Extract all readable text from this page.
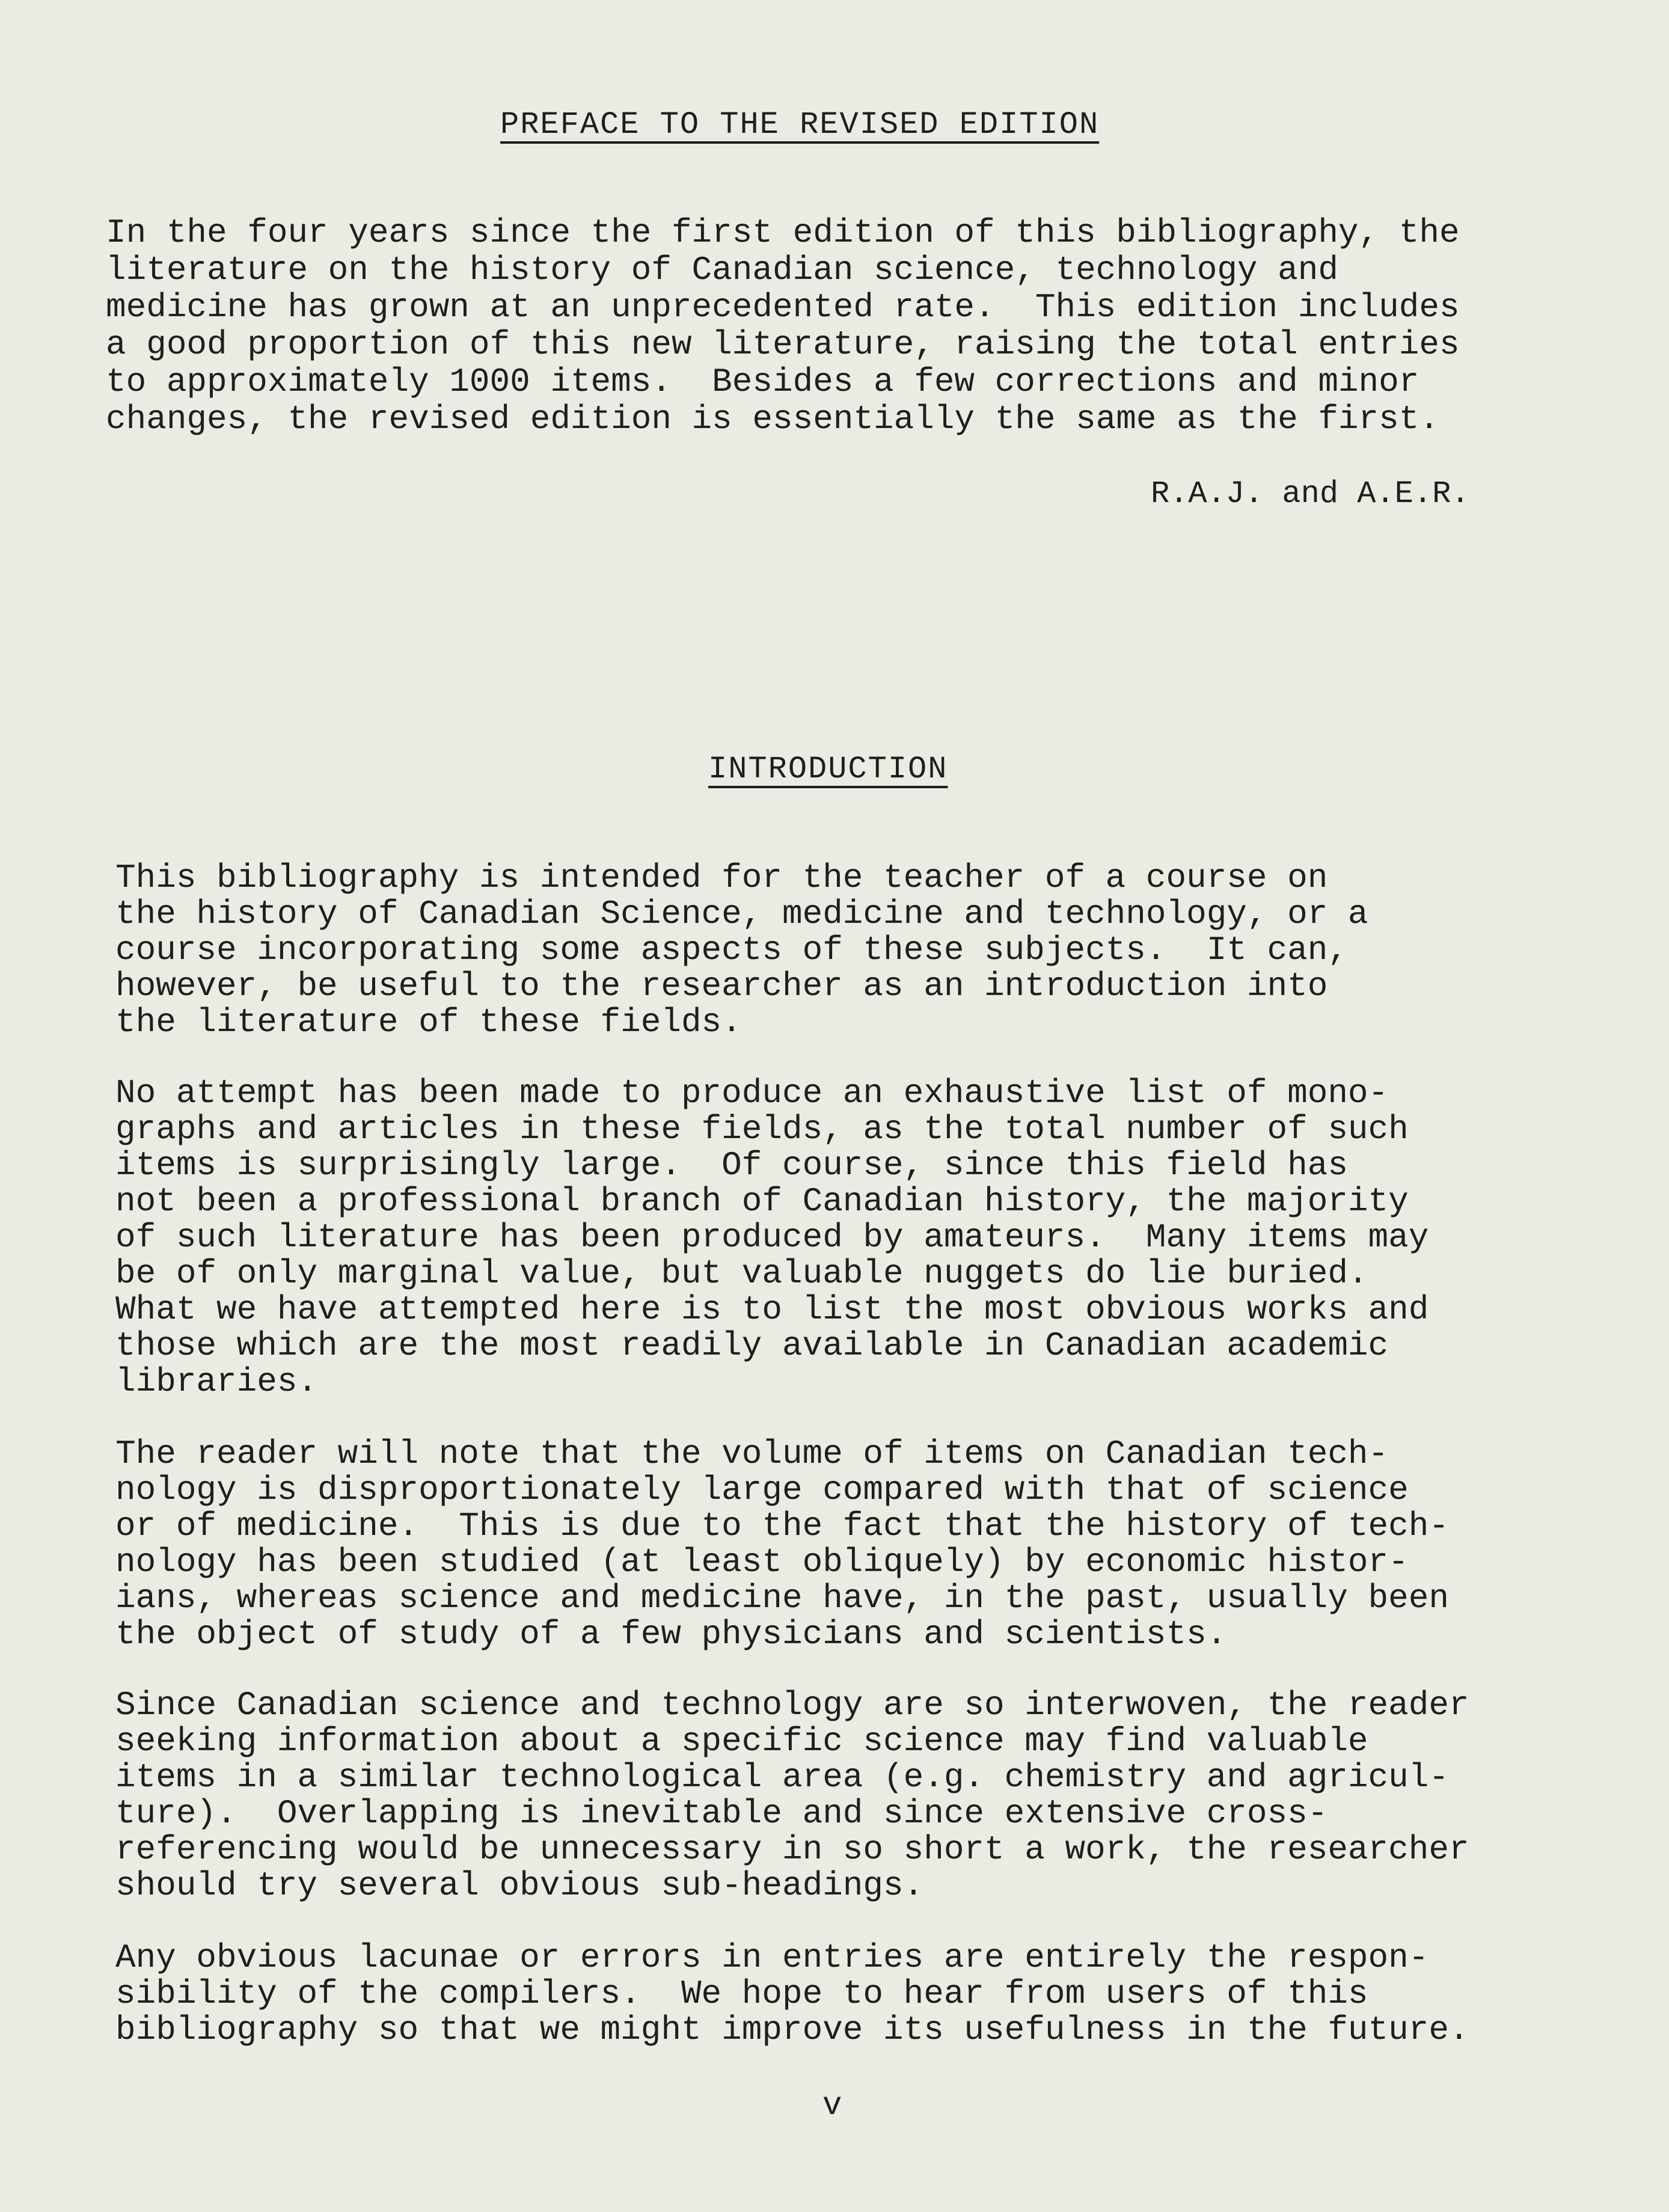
PREFACE TO THE REVISED EDITION

In the four years since the first edition of this bibliography, the
literature on the history of Canadian science, technology and
medicine has grown at an unprecedented rate.  This edition includes
a good proportion of this new literature, raising the total entries
to approximately 1000 items.  Besides a few corrections and minor
changes, the revised edition is essentially the same as the first.

R.A.J. and A.E.R.
INTRODUCTION

This bibliography is intended for the teacher of a course on
the history of Canadian Science, medicine and technology, or a
course incorporating some aspects of these subjects.  It can,
however, be useful to the researcher as an introduction into
the literature of these fields.

No attempt has been made to produce an exhaustive list of mono-
graphs and articles in these fields, as the total number of such
items is surprisingly large.  Of course, since this field has
not been a professional branch of Canadian history, the majority
of such literature has been produced by amateurs.  Many items may
be of only marginal value, but valuable nuggets do lie buried.
What we have attempted here is to list the most obvious works and
those which are the most readily available in Canadian academic
libraries.

The reader will note that the volume of items on Canadian tech-
nology is disproportionately large compared with that of science
or of medicine.  This is due to the fact that the history of tech-
nology has been studied (at least obliquely) by economic histor-
ians, whereas science and medicine have, in the past, usually been
the object of study of a few physicians and scientists.

Since Canadian science and technology are so interwoven, the reader
seeking information about a specific science may find valuable
items in a similar technological area (e.g. chemistry and agricul-
ture).  Overlapping is inevitable and since extensive cross-
referencing would be unnecessary in so short a work, the researcher
should try several obvious sub-headings.

Any obvious lacunae or errors in entries are entirely the respon-
sibility of the compilers.  We hope to hear from users of this
bibliography so that we might improve its usefulness in the future.

v
